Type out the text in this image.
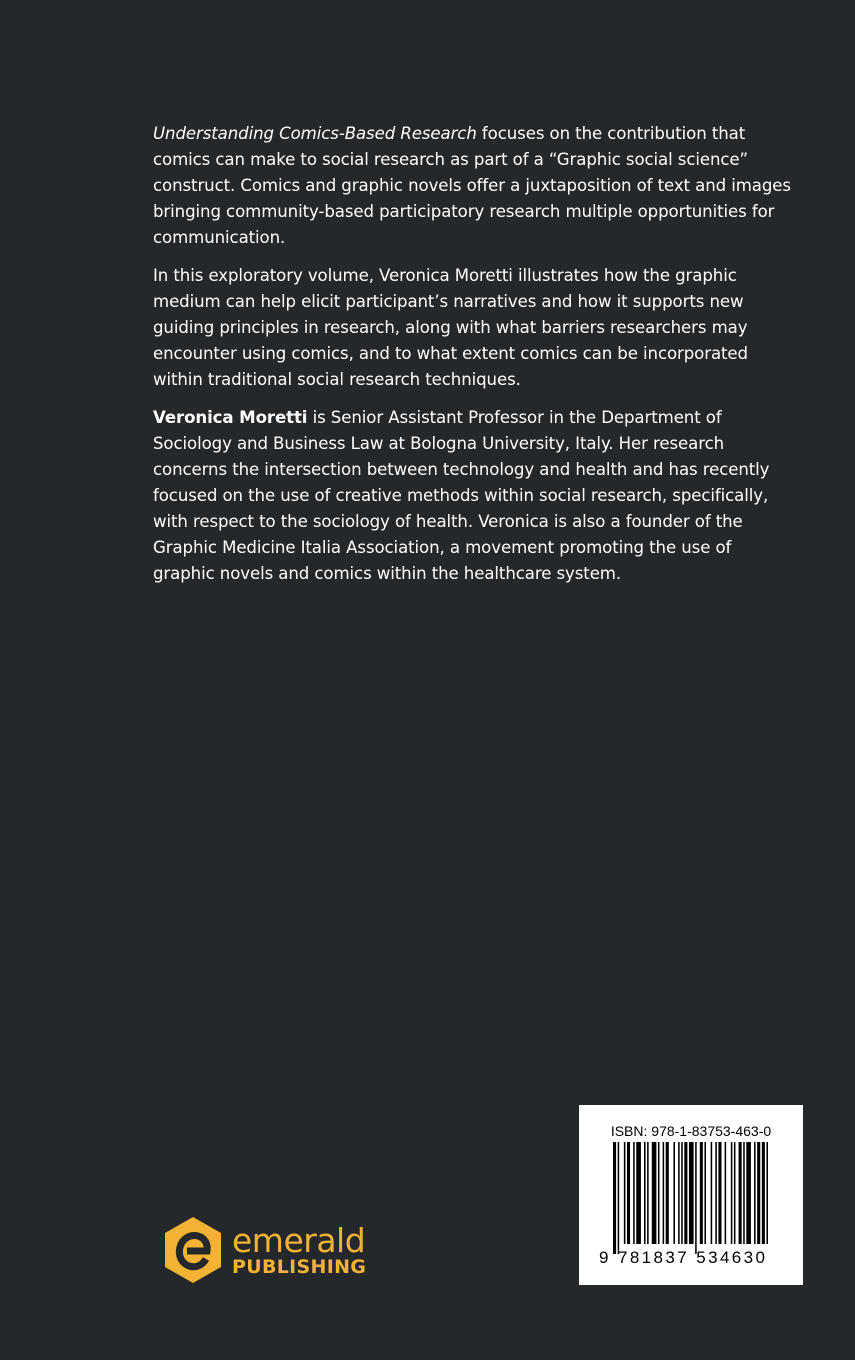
Understanding Comics-Based Research focuses on the contribution that comics can make to social research as part of a “Graphic social science” construct. Comics and graphic novels offer a juxtaposition of text and images bringing community-based participatory research multiple opportunities for communication.

In this exploratory volume, Veronica Moretti illustrates how the graphic medium can help elicit participant’s narratives and how it supports new guiding principles in research, along with what barriers researchers may encounter using comics, and to what extent comics can be incorporated within traditional social research techniques.

Veronica Moretti is Senior Assistant Professor in the Department of Sociology and Business Law at Bologna University, Italy. Her research concerns the intersection between technology and health and has recently focused on the use of creative methods within social research, specifically, with respect to the sociology of health. Veronica is also a founder of the Graphic Medicine Italia Association, a movement promoting the use of graphic novels and comics within the healthcare system.

emerald
PUBLISHING
ISBN: 978-1-83753-463-0
9 781837 534630
